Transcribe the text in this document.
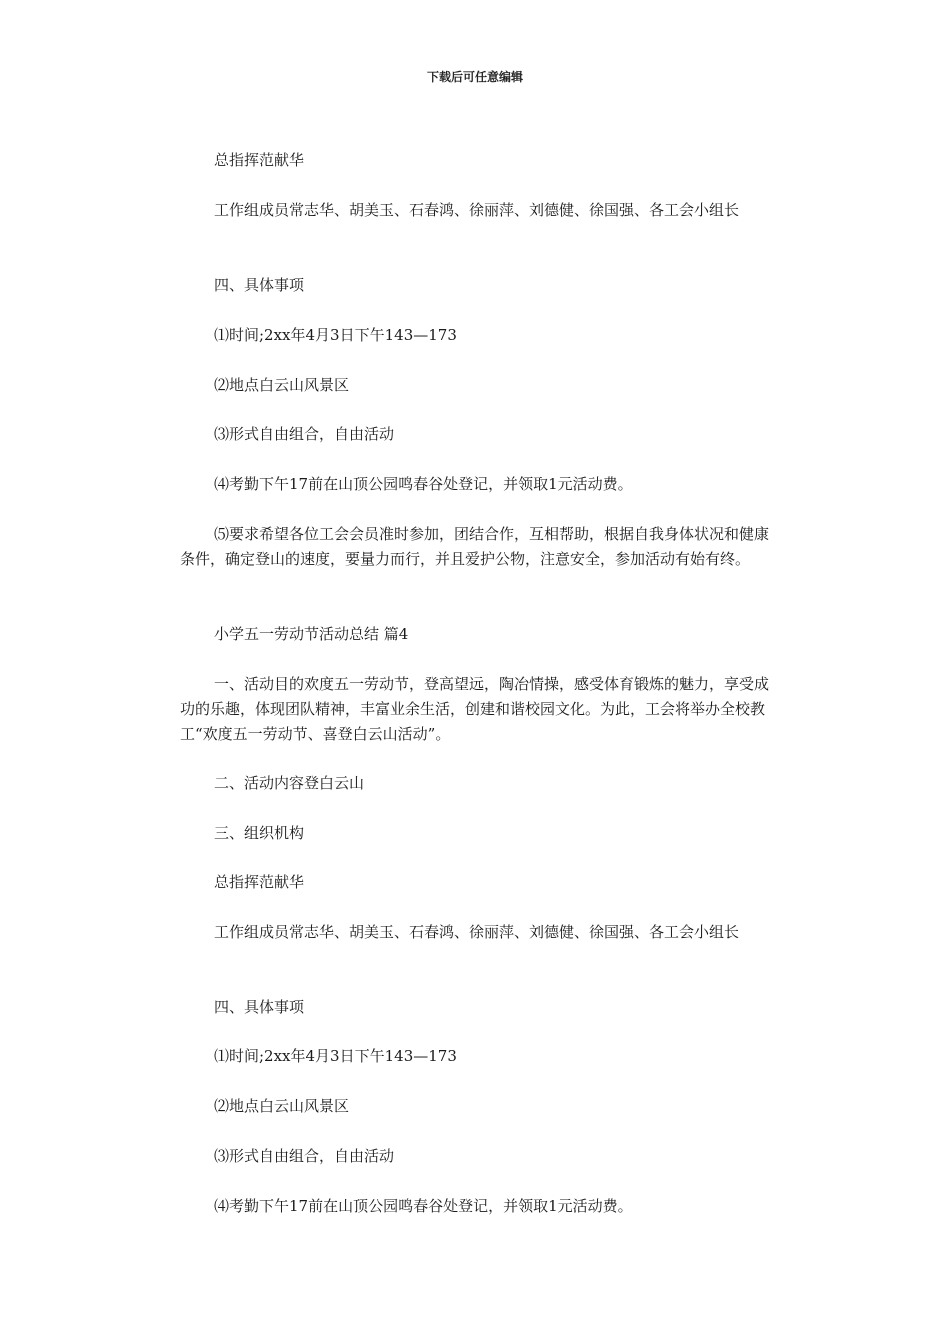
下载后可任意编辑

总指挥范献华

工作组成员常志华、胡美玉、石春鸿、徐丽萍、刘德健、徐国强、各工会小组长

四、具体事项

⑴时间;2xx年4月3日下午143—173

⑵地点白云山风景区

⑶形式自由组合，自由活动

⑷考勤下午17前在山顶公园鸣春谷处登记，并领取1元活动费。

⑸要求希望各位工会会员准时参加，团结合作，互相帮助，根据自我身体状况和健康条件，确定登山的速度，要量力而行，并且爱护公物，注意安全，参加活动有始有终。

小学五一劳动节活动总结 篇4

一、活动目的欢度五一劳动节，登高望远，陶冶情操，感受体育锻炼的魅力，享受成功的乐趣，体现团队精神，丰富业余生活，创建和谐校园文化。为此，工会将举办全校教工“欢度五一劳动节、喜登白云山活动”。

二、活动内容登白云山

三、组织机构

总指挥范献华

工作组成员常志华、胡美玉、石春鸿、徐丽萍、刘德健、徐国强、各工会小组长

四、具体事项

⑴时间;2xx年4月3日下午143—173

⑵地点白云山风景区

⑶形式自由组合，自由活动

⑷考勤下午17前在山顶公园鸣春谷处登记，并领取1元活动费。
